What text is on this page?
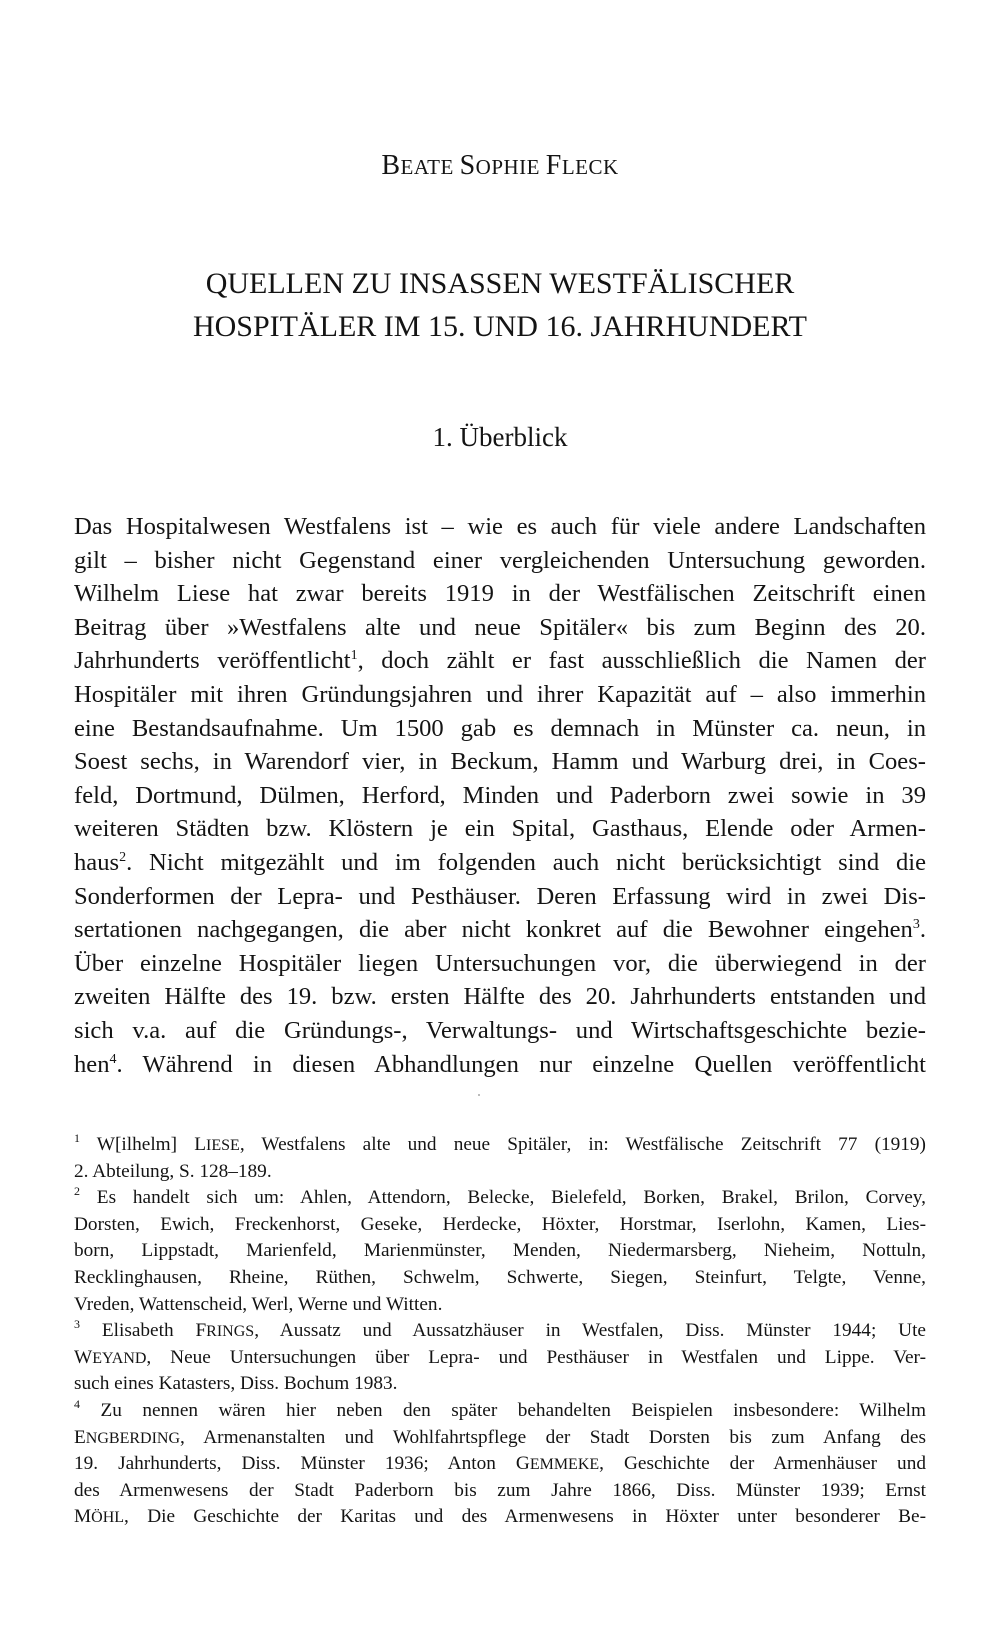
BEATE SOPHIE FLECK
QUELLEN ZU INSASSEN WESTFÄLISCHER
HOSPITÄLER IM 15. UND 16. JAHRHUNDERT
1. Überblick
Das Hospitalwesen Westfalens ist – wie es auch für viele andere Landschaften
gilt – bisher nicht Gegenstand einer vergleichenden Untersuchung geworden.
Wilhelm Liese hat zwar bereits 1919 in der Westfälischen Zeitschrift einen
Beitrag über »Westfalens alte und neue Spitäler« bis zum Beginn des 20.
Jahrhunderts veröffentlicht$^1$, doch zählt er fast ausschließlich die Namen der
Hospitäler mit ihren Gründungsjahren und ihrer Kapazität auf – also immerhin
eine Bestandsaufnahme. Um 1500 gab es demnach in Münster ca. neun, in
Soest sechs, in Warendorf vier, in Beckum, Hamm und Warburg drei, in Coes-
feld, Dortmund, Dülmen, Herford, Minden und Paderborn zwei sowie in 39
weiteren Städten bzw. Klöstern je ein Spital, Gasthaus, Elende oder Armen-
haus$^2$. Nicht mitgezählt und im folgenden auch nicht berücksichtigt sind die
Sonderformen der Lepra- und Pesthäuser. Deren Erfassung wird in zwei Dis-
sertationen nachgegangen, die aber nicht konkret auf die Bewohner eingehen$^3$.
Über einzelne Hospitäler liegen Untersuchungen vor, die überwiegend in der
zweiten Hälfte des 19. bzw. ersten Hälfte des 20. Jahrhunderts entstanden und
sich v.a. auf die Gründungs-, Verwaltungs- und Wirtschaftsgeschichte bezie-
hen$^4$. Während in diesen Abhandlungen nur einzelne Quellen veröffentlicht
$^1$ W[ilhelm] LIESE, Westfalens alte und neue Spitäler, in: Westfälische Zeitschrift 77 (1919)
2. Abteilung, S. 128–189.
$^2$ Es handelt sich um: Ahlen, Attendorn, Belecke, Bielefeld, Borken, Brakel, Brilon, Corvey,
Dorsten, Ewich, Freckenhorst, Geseke, Herdecke, Höxter, Horstmar, Iserlohn, Kamen, Lies-
born, Lippstadt, Marienfeld, Marienmünster, Menden, Niedermarsberg, Nieheim, Nottuln,
Recklinghausen, Rheine, Rüthen, Schwelm, Schwerte, Siegen, Steinfurt, Telgte, Venne,
Vreden, Wattenscheid, Werl, Werne und Witten.
$^3$ Elisabeth FRINGS, Aussatz und Aussatzhäuser in Westfalen, Diss. Münster 1944; Ute
WEYAND, Neue Untersuchungen über Lepra- und Pesthäuser in Westfalen und Lippe. Ver-
such eines Katasters, Diss. Bochum 1983.
$^4$ Zu nennen wären hier neben den später behandelten Beispielen insbesondere: Wilhelm
ENGBERDING, Armenanstalten und Wohlfahrtspflege der Stadt Dorsten bis zum Anfang des
19. Jahrhunderts, Diss. Münster 1936; Anton GEMMEKE, Geschichte der Armenhäuser und
des Armenwesens der Stadt Paderborn bis zum Jahre 1866, Diss. Münster 1939; Ernst
MÖHL, Die Geschichte der Karitas und des Armenwesens in Höxter unter besonderer Be-
